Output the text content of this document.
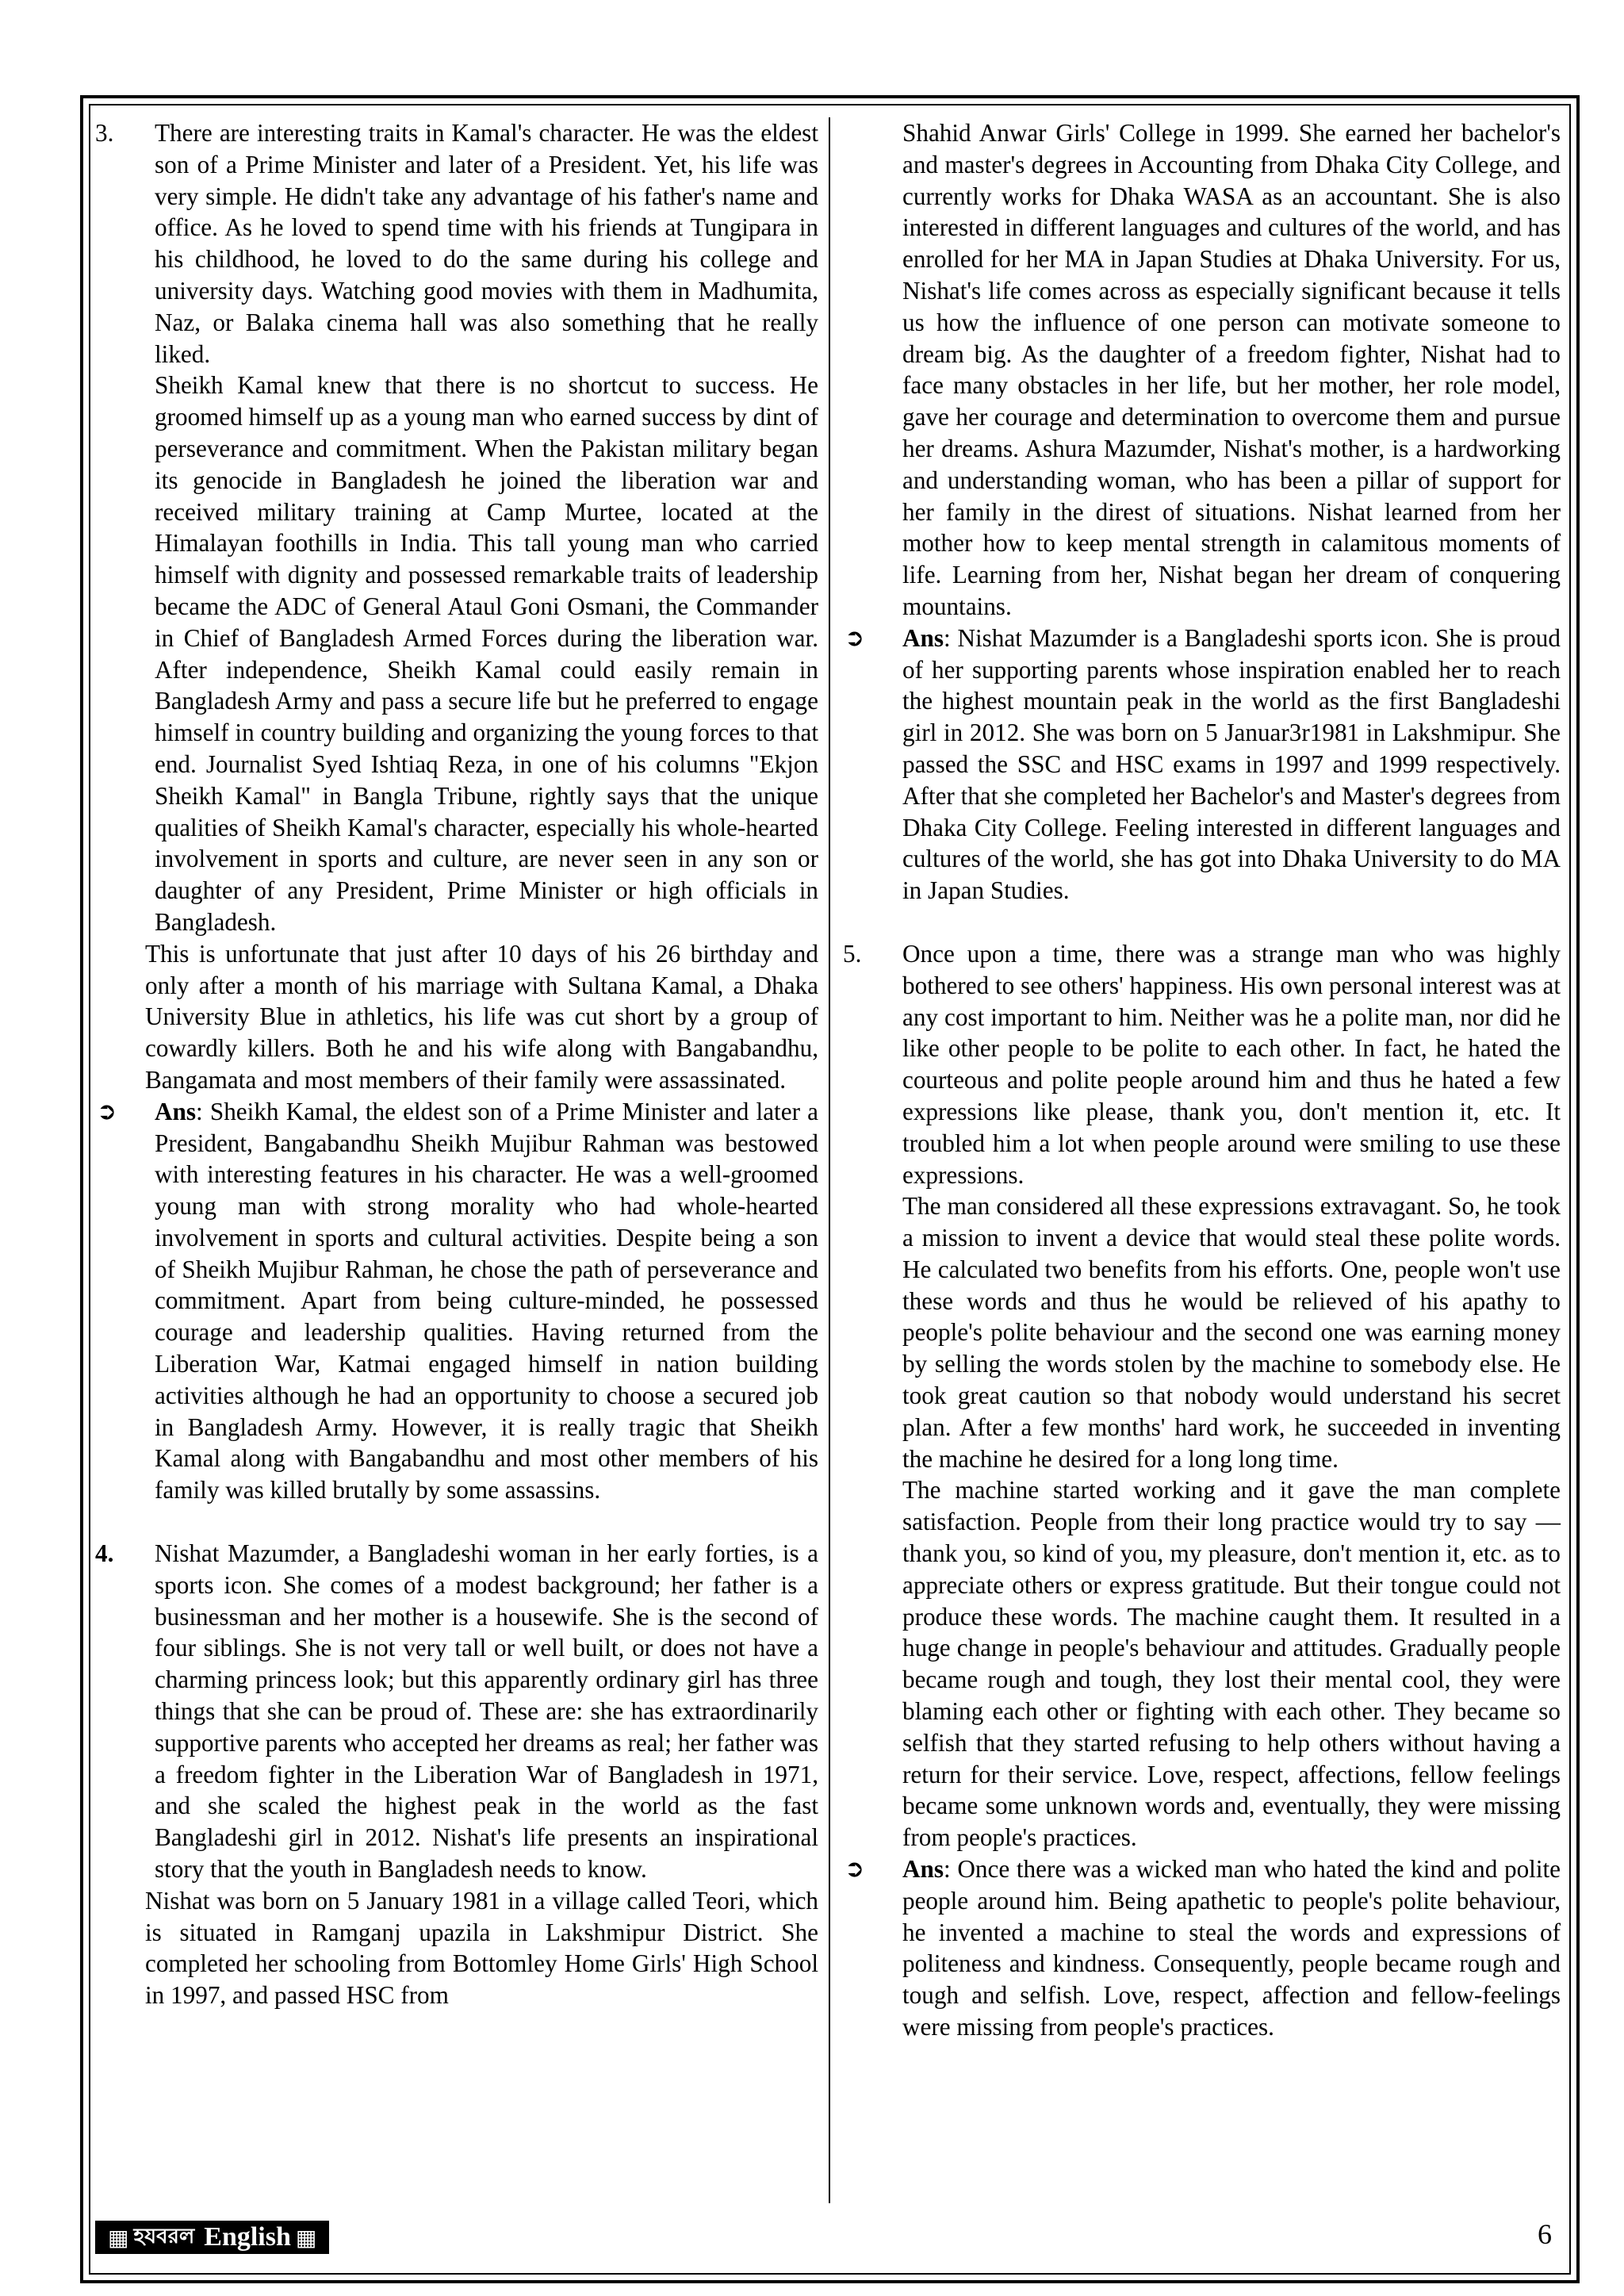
3. There are interesting traits in Kamal's character. He was the eldest son of a Prime Minister and later of a President. Yet, his life was very simple. He didn't take any advantage of his father's name and office. As he loved to spend time with his friends at Tungipara in his childhood, he loved to do the same during his college and university days. Watching good movies with them in Madhumita, Naz, or Balaka cinema hall was also something that he really liked.

Sheikh Kamal knew that there is no shortcut to success. He groomed himself up as a young man who earned success by dint of perseverance and commitment. When the Pakistan military began its genocide in Bangladesh he joined the liberation war and received military training at Camp Murtee, located at the Himalayan foothills in India. This tall young man who carried himself with dignity and possessed remarkable traits of leadership became the ADC of General Ataul Goni Osmani, the Commander in Chief of Bangladesh Armed Forces during the liberation war. After independence, Sheikh Kamal could easily remain in Bangladesh Army and pass a secure life but he preferred to engage himself in country building and organizing the young forces to that end. Journalist Syed Ishtiaq Reza, in one of his columns "Ekjon Sheikh Kamal" in Bangla Tribune, rightly says that the unique qualities of Sheikh Kamal's character, especially his whole-hearted involvement in sports and culture, are never seen in any son or daughter of any President, Prime Minister or high officials in Bangladesh.

This is unfortunate that just after 10 days of his 26 birthday and only after a month of his marriage with Sultana Kamal, a Dhaka University Blue in athletics, his life was cut short by a group of cowardly killers. Both he and his wife along with Bangabandhu, Bangamata and most members of their family were assassinated.

➲ Ans: Sheikh Kamal, the eldest son of a Prime Minister and later a President, Bangabandhu Sheikh Mujibur Rahman was bestowed with interesting features in his character. He was a well-groomed young man with strong morality who had whole-hearted involvement in sports and cultural activities. Despite being a son of Sheikh Mujibur Rahman, he chose the path of perseverance and commitment. Apart from being culture-minded, he possessed courage and leadership qualities. Having returned from the Liberation War, Katmai engaged himself in nation building activities although he had an opportunity to choose a secured job in Bangladesh Army. However, it is really tragic that Sheikh Kamal along with Bangabandhu and most other members of his family was killed brutally by some assassins.

4. Nishat Mazumder, a Bangladeshi woman in her early forties, is a sports icon. She comes of a modest background; her father is a businessman and her mother is a housewife. She is the second of four siblings. She is not very tall or well built, or does not have a charming princess look; but this apparently ordinary girl has three things that she can be proud of. These are: she has extraordinarily supportive parents who accepted her dreams as real; her father was a freedom fighter in the Liberation War of Bangladesh in 1971, and she scaled the highest peak in the world as the fast Bangladeshi girl in 2012. Nishat's life presents an inspirational story that the youth in Bangladesh needs to know.

Nishat was born on 5 January 1981 in a village called Teori, which is situated in Ramganj upazila in Lakshmipur District. She completed her schooling from Bottomley Home Girls' High School in 1997, and passed HSC from

Shahid Anwar Girls' College in 1999. She earned her bachelor's and master's degrees in Accounting from Dhaka City College, and currently works for Dhaka WASA as an accountant. She is also interested in different languages and cultures of the world, and has enrolled for her MA in Japan Studies at Dhaka University. For us, Nishat's life comes across as especially significant because it tells us how the influence of one person can motivate someone to dream big. As the daughter of a freedom fighter, Nishat had to face many obstacles in her life, but her mother, her role model, gave her courage and determination to overcome them and pursue her dreams. Ashura Mazumder, Nishat's mother, is a hardworking and understanding woman, who has been a pillar of support for her family in the direst of situations. Nishat learned from her mother how to keep mental strength in calamitous moments of life. Learning from her, Nishat began her dream of conquering mountains.

➲ Ans: Nishat Mazumder is a Bangladeshi sports icon. She is proud of her supporting parents whose inspiration enabled her to reach the highest mountain peak in the world as the first Bangladeshi girl in 2012. She was born on 5 Januar3r1981 in Lakshmipur. She passed the SSC and HSC exams in 1997 and 1999 respectively. After that she completed her Bachelor's and Master's degrees from Dhaka City College. Feeling interested in different languages and cultures of the world, she has got into Dhaka University to do MA in Japan Studies.

5. Once upon a time, there was a strange man who was highly bothered to see others' happiness. His own personal interest was at any cost important to him. Neither was he a polite man, nor did he like other people to be polite to each other. In fact, he hated the courteous and polite people around him and thus he hated a few expressions like please, thank you, don't mention it, etc. It troubled him a lot when people around were smiling to use these expressions.

The man considered all these expressions extravagant. So, he took a mission to invent a device that would steal these polite words. He calculated two benefits from his efforts. One, people won't use these words and thus he would be relieved of his apathy to people's polite behaviour and the second one was earning money by selling the words stolen by the machine to somebody else. He took great caution so that nobody would understand his secret plan. After a few months' hard work, he succeeded in inventing the machine he desired for a long long time.

The machine started working and it gave the man complete satisfaction. People from their long practice would try to say — thank you, so kind of you, my pleasure, don't mention it, etc. as to appreciate others or express gratitude. But their tongue could not produce these words. The machine caught them. It resulted in a huge change in people's behaviour and attitudes. Gradually people became rough and tough, they lost their mental cool, they were blaming each other or fighting with each other. They became so selfish that they started refusing to help others without having a return for their service. Love, respect, affections, fellow feelings became some unknown words and, eventually, they were missing from people's practices.

➲ Ans: Once there was a wicked man who hated the kind and polite people around him. Being apathetic to people's polite behaviour, he invented a machine to steal the words and expressions of politeness and kindness. Consequently, people became rough and tough and selfish. Love, respect, affection and fellow-feelings were missing from people's practices.

▦ হযবরল English ▦	6
